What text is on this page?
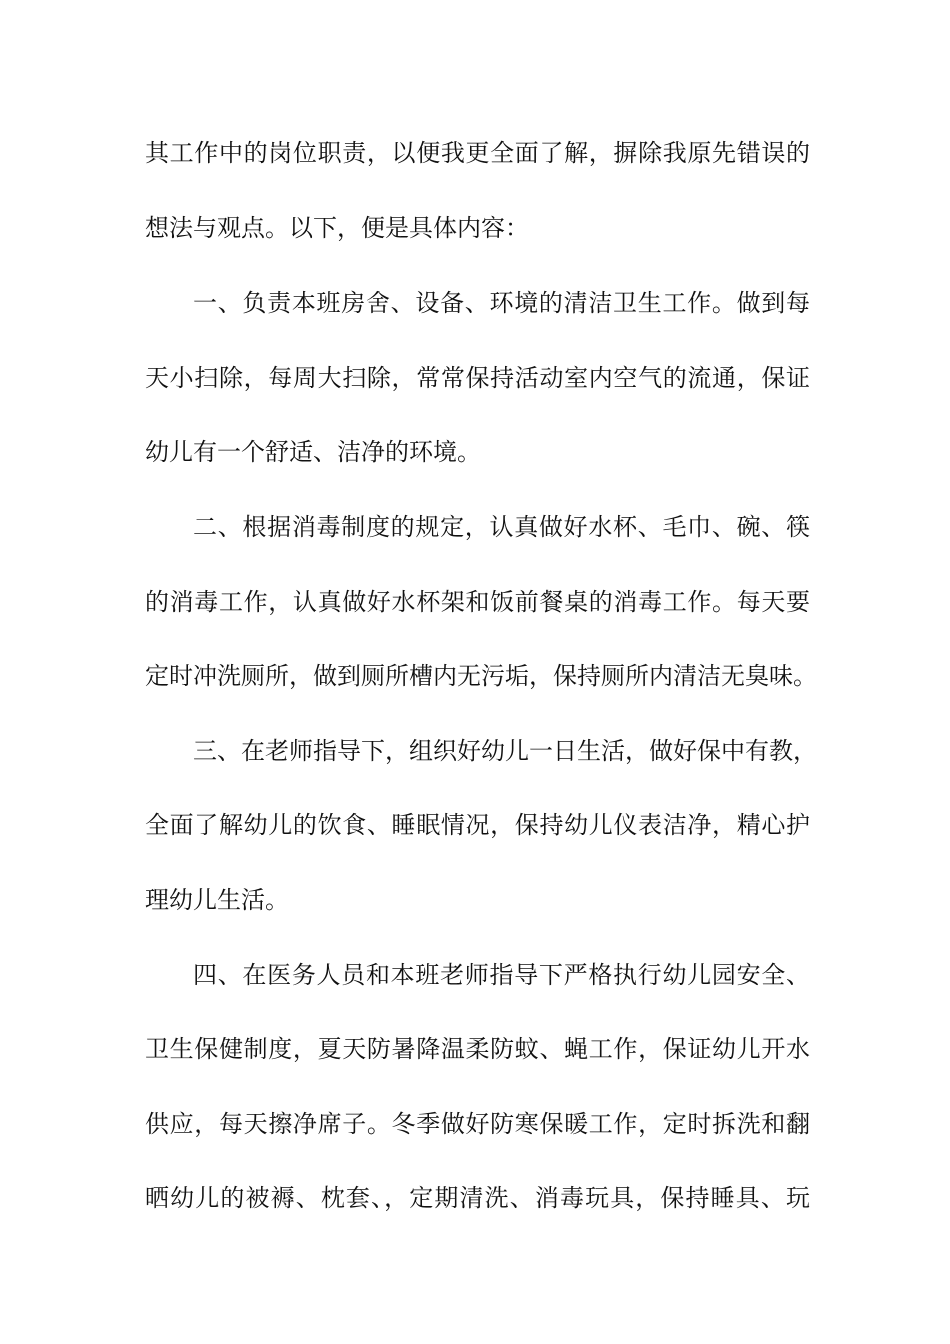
其工作中的岗位职责，以便我更全面了解，摒除我原先错误的
想法与观点。以下，便是具体内容：
一、负责本班房舍、设备、环境的清洁卫生工作。做到每
天小扫除，每周大扫除，常常保持活动室内空气的流通，保证
幼儿有一个舒适、洁净的环境。
二、根据消毒制度的规定，认真做好水杯、毛巾、碗、筷
的消毒工作，认真做好水杯架和饭前餐桌的消毒工作。每天要
定时冲洗厕所，做到厕所槽内无污垢，保持厕所内清洁无臭味。
三、在老师指导下，组织好幼儿一日生活，做好保中有教，
全面了解幼儿的饮食、睡眠情况，保持幼儿仪表洁净，精心护
理幼儿生活。
四、在医务人员和本班老师指导下严格执行幼儿园安全、
卫生保健制度，夏天防暑降温柔防蚊、蝇工作，保证幼儿开水
供应，每天擦净席子。冬季做好防寒保暖工作，定时拆洗和翻
晒幼儿的被褥、枕套、，定期清洗、消毒玩具，保持睡具、玩
